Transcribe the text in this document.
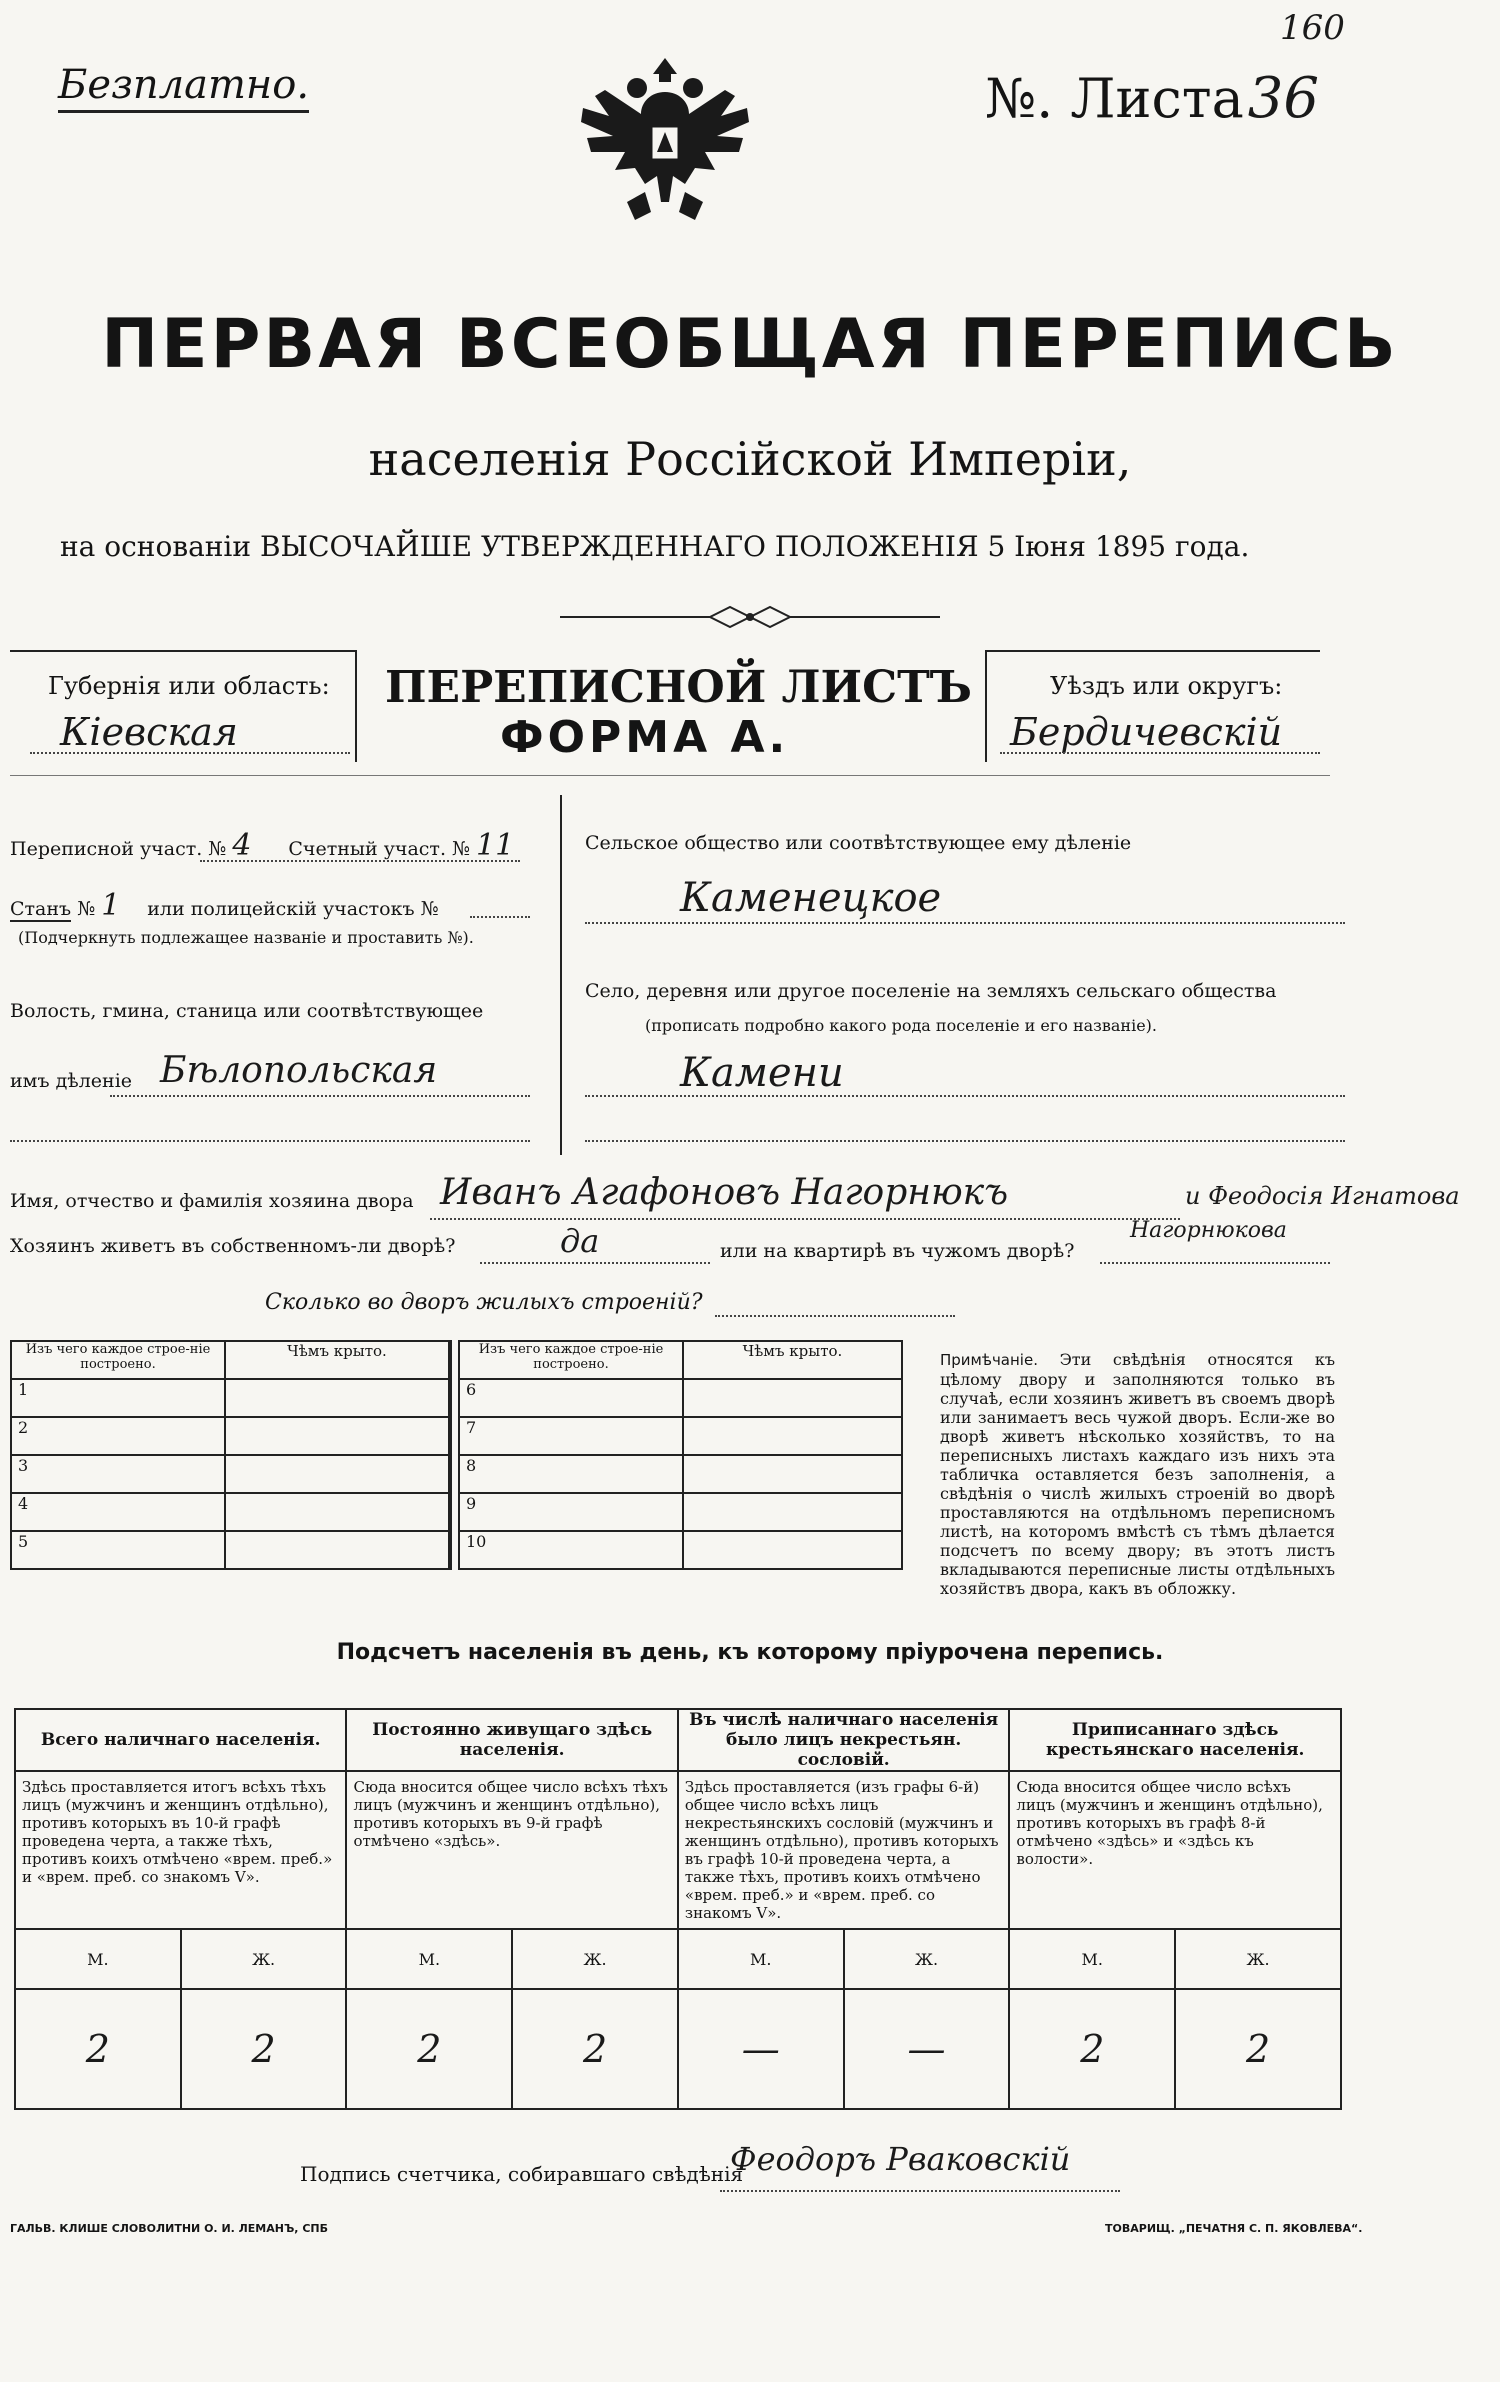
160
Безплатно.	№. Листа36
ПЕРВАЯ ВСЕОБЩАЯ ПЕРЕПИСЬ
населенія Россійской Имперіи,
на основаніи ВЫСОЧАЙШЕ УТВЕРЖДЕННАГО ПОЛОЖЕНІЯ 5 Іюня 1895 года.
Губернія или область:
Кіевская
ПЕРЕПИСНОЙ ЛИСТЪ
ФОРМА А.
Уѣздъ или округъ:
Бердичевскій
Переписной участ. № 4 Счетный участ. № 11
Станъ № 1 или полицейскій участокъ №
(Подчеркнуть подлежащее названіе и проставить №).
Волость, гмина, станица или соотвѣтствующее
имъ дѣленіе Бѣлопольская
Сельское общество или соотвѣтствующее ему дѣленіе
Каменецкое
Село, деревня или другое поселеніе на земляхъ сельскаго общества
(прописать подробно какого рода поселеніе и его названіе).
Камени
Имя, отчество и фамилія хозяина двора Иванъ Агафоновъ Нагорнюкъ	и Феодосія Игнатова
Хозяинъ живетъ въ собственномъ-ли дворѣ?	да	или на квартирѣ въ чужомъ дворѣ?
Нагорнюкова
Сколько во дворъ жилыхъ строеній?
Изъ чего каждое строе-ніе построено.	Чѣмъ крыто.
1	
2	
3	
4	
5	
Изъ чего каждое строе-ніе построено.	Чѣмъ крыто.
6	
7	
8	
9	
10	
Примѣчаніе. Эти свѣдѣнія относятся къ цѣлому двору и заполняются только въ случаѣ, если хозяинъ живетъ въ своемъ дворѣ или занимаетъ весь чужой дворъ. Если-же во дворѣ живетъ нѣсколько хозяйствъ, то на переписныхъ листахъ каждаго изъ нихъ эта табличка оставляется безъ заполненія, а свѣдѣнія о числѣ жилыхъ строеній во дворѣ проставляются на отдѣльномъ переписномъ листѣ, на которомъ вмѣстѣ съ тѣмъ дѣлается подсчетъ по всему двору; въ этотъ листъ вкладываются переписные листы отдѣльныхъ хозяйствъ двора, какъ въ обложку.
Подсчетъ населенія въ день, къ которому пріурочена перепись.
Всего наличнаго населенія.		Постоянно живущаго здѣсь населенія.		Въ числѣ наличнаго населенія было лицъ некрестьян. сословій.		Приписаннаго здѣсь крестьянскаго населенія.	
Здѣсь проставляется итогъ всѣхъ тѣхъ лицъ (мужчинъ и женщинъ отдѣльно), противъ которыхъ въ 10-й графѣ проведена черта, а также тѣхъ, противъ коихъ отмѣчено «врем. преб.» и «врем. преб. со знакомъ V».		Сюда вносится общее число всѣхъ тѣхъ лицъ (мужчинъ и женщинъ отдѣльно), противъ которыхъ въ 9-й графѣ отмѣчено «здѣсь».		Здѣсь проставляется (изъ графы 6-й) общее число всѣхъ лицъ некрестьянскихъ сословій (мужчинъ и женщинъ отдѣльно), противъ которыхъ въ графѣ 10-й проведена черта, а также тѣхъ, противъ коихъ отмѣчено «врем. преб.» и «врем. преб. со знакомъ V».		Сюда вносится общее число всѣхъ лицъ (мужчинъ и женщинъ отдѣльно), противъ которыхъ въ графѣ 8-й отмѣчено «здѣсь» и «здѣсь къ волости».	
М.	Ж.	М.	Ж.	М.	Ж.	М.	Ж.
2	2	2	2	—	—	2	2
Подпись счетчика, собиравшаго свѣдѣнія
Феодоръ Рваковскій
ГАЛЬВ. КЛИШЕ СЛОВОЛИТНИ О. И. ЛЕМАНЪ, СПБ	ТОВАРИЩ. „ПЕЧАТНЯ С. П. ЯКОВЛЕВА“.
